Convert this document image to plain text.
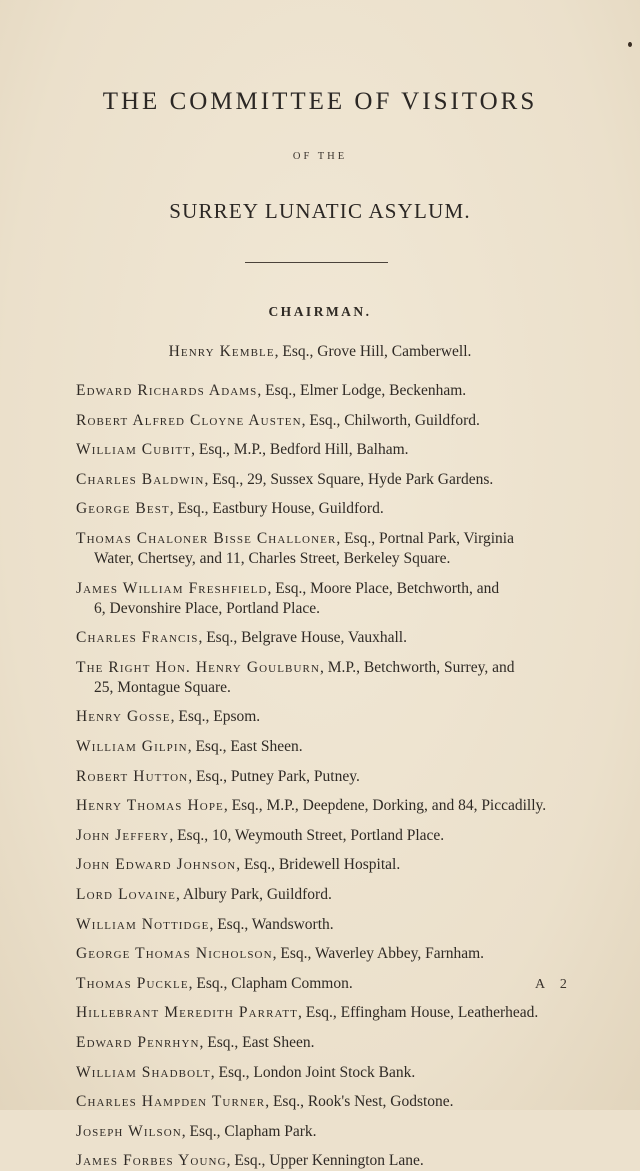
THE COMMITTEE OF VISITORS
OF THE
SURREY LUNATIC ASYLUM.
CHAIRMAN.
Henry Kemble, Esq., Grove Hill, Camberwell.
Edward Richards Adams, Esq., Elmer Lodge, Beckenham.
Robert Alfred Cloyne Austen, Esq., Chilworth, Guildford.
William Cubitt, Esq., M.P., Bedford Hill, Balham.
Charles Baldwin, Esq., 29, Sussex Square, Hyde Park Gardens.
George Best, Esq., Eastbury House, Guildford.
Thomas Chaloner Bisse Challoner, Esq., Portnal Park, Virginia
Water, Chertsey, and 11, Charles Street, Berkeley Square.
James William Freshfield, Esq., Moore Place, Betchworth, and
6, Devonshire Place, Portland Place.
Charles Francis, Esq., Belgrave House, Vauxhall.
The Right Hon. Henry Goulburn, M.P., Betchworth, Surrey, and
25, Montague Square.
Henry Gosse, Esq., Epsom.
William Gilpin, Esq., East Sheen.
Robert Hutton, Esq., Putney Park, Putney.
Henry Thomas Hope, Esq., M.P., Deepdene, Dorking, and 84, Piccadilly.
John Jeffery, Esq., 10, Weymouth Street, Portland Place.
John Edward Johnson, Esq., Bridewell Hospital.
Lord Lovaine, Albury Park, Guildford.
William Nottidge, Esq., Wandsworth.
George Thomas Nicholson, Esq., Waverley Abbey, Farnham.
Thomas Puckle, Esq., Clapham Common.
Hillebrant Meredith Parratt, Esq., Effingham House, Leatherhead.
Edward Penrhyn, Esq., East Sheen.
William Shadbolt, Esq., London Joint Stock Bank.
Charles Hampden Turner, Esq., Rook's Nest, Godstone.
Joseph Wilson, Esq., Clapham Park.
James Forbes Young, Esq., Upper Kennington Lane.
A 2
